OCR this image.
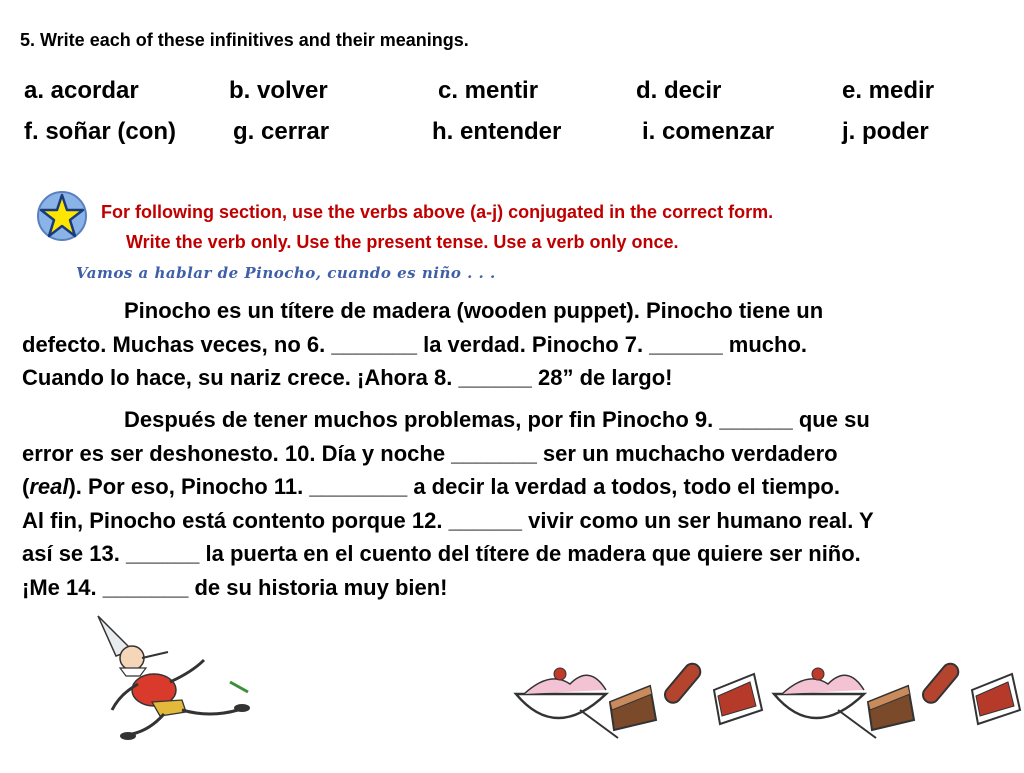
5. Write each of these infinitives and their meanings.
a. acordar	b. volver	c. mentir	d. decir	e. medir
f. soñar (con) g. cerrar	h. entender	i. comenzar	j. poder
For following section, use the verbs above (a-j) conjugated in the correct form.
Write the verb only. Use the present tense. Use a verb only once.
Vamos a hablar de Pinocho, cuando es niño . . .

Pinocho es un títere de madera (wooden puppet). Pinocho tiene un

defecto. Muchas veces, no 6. _______ la verdad. Pinocho 7. ______ mucho.

Cuando lo hace, su nariz crece. ¡Ahora 8. ______ 28” de largo!

Después de tener muchos problemas, por fin Pinocho 9. ______ que su

error es ser deshonesto. 10. Día y noche _______ ser un muchacho verdadero

(real). Por eso, Pinocho 11. ________ a decir la verdad a todos, todo el tiempo.

Al fin, Pinocho está contento porque 12. ______ vivir como un ser humano real. Y

así se 13. ______ la puerta en el cuento del títere de madera que quiere ser niño.

¡Me 14. _______ de su historia muy bien!
